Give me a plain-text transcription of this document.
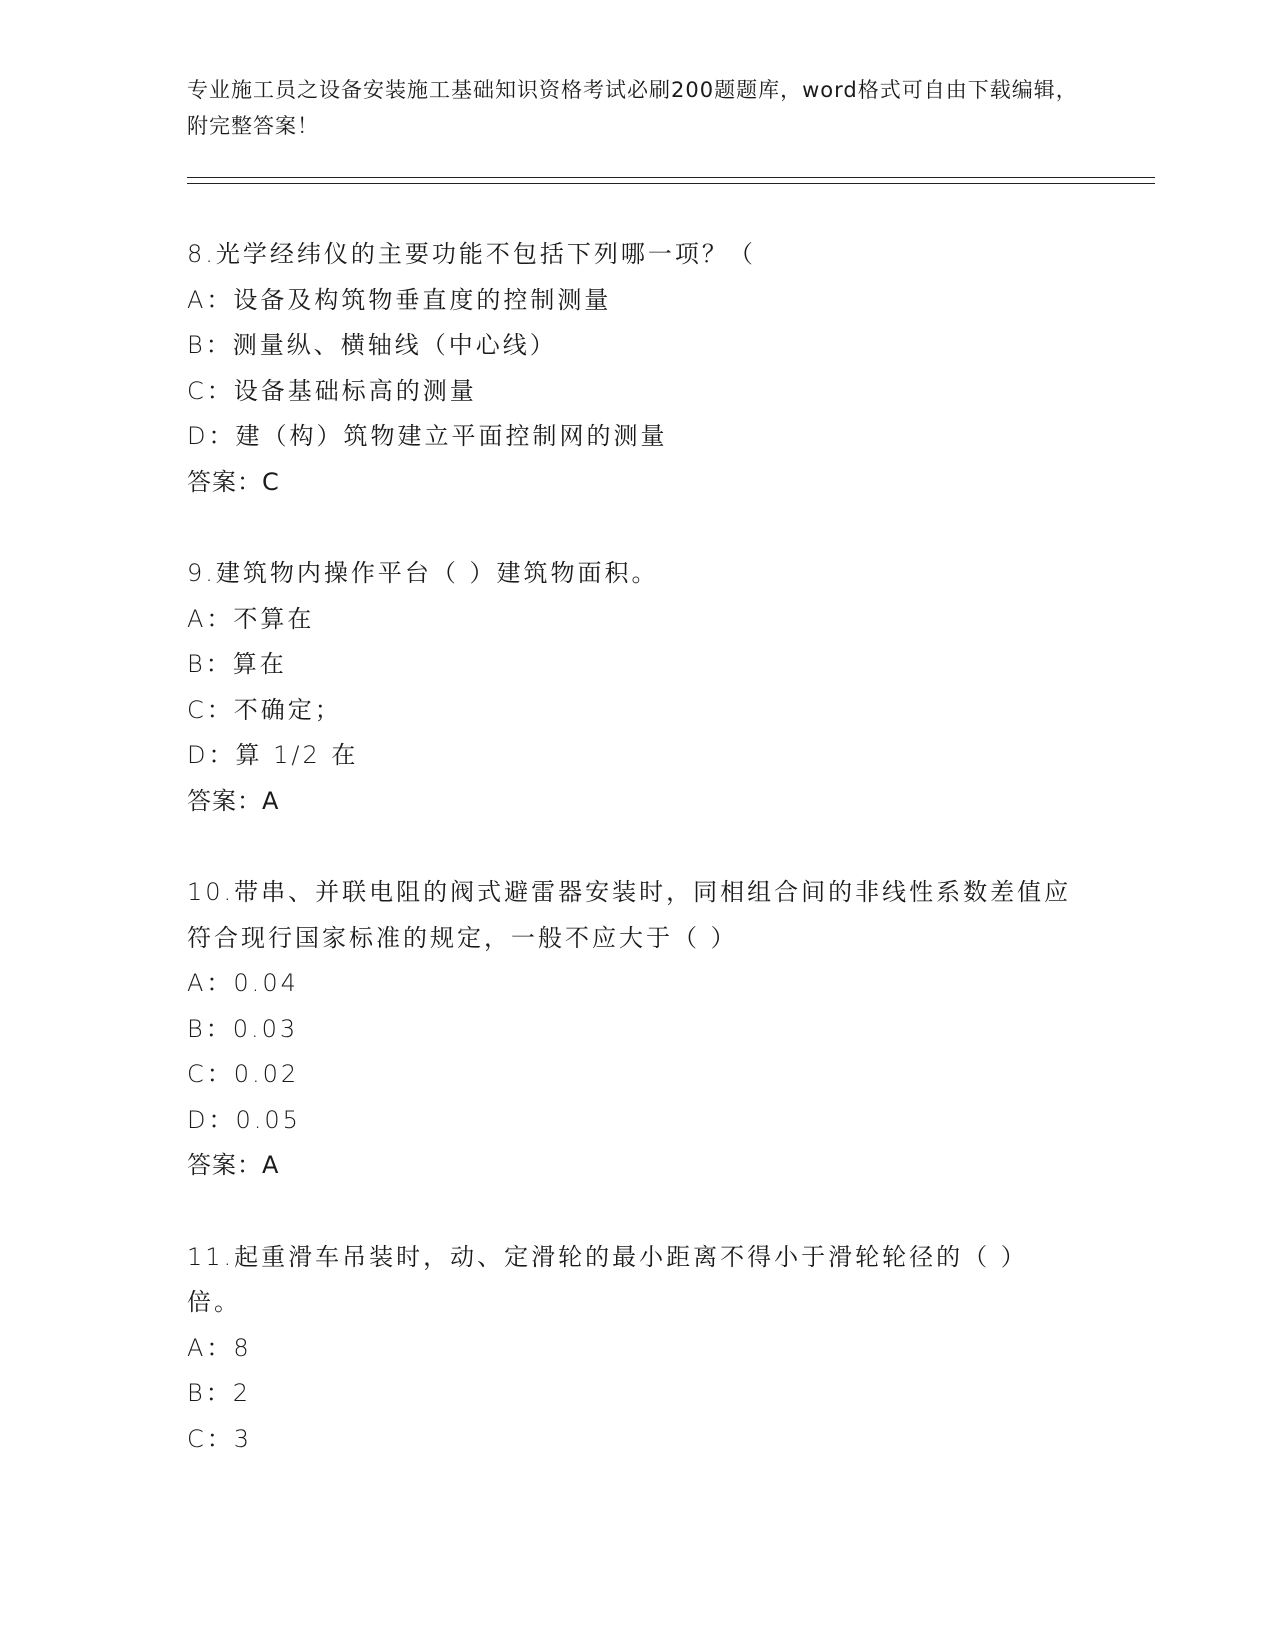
专业施工员之设备安装施工基础知识资格考试必刷200题题库，word格式可自由下载编辑，附完整答案！
8.光学经纬仪的主要功能不包括下列哪一项？（
A：设备及构筑物垂直度的控制测量
B：测量纵、横轴线（中心线）
C：设备基础标高的测量
D：建（构）筑物建立平面控制网的测量
答案：C
9.建筑物内操作平台（ ）建筑物面积。
A：不算在
B：算在
C：不确定；
D：算 1/2 在
答案：A
10.带串、并联电阻的阀式避雷器安装时，同相组合间的非线性系数差值应符合现行国家标准的规定，一般不应大于（ ）
A：0.04
B：0.03
C：0.02
D：0.05
答案：A
11.起重滑车吊装时，动、定滑轮的最小距离不得小于滑轮轮径的（ ）倍。
A：8
B：2
C：3
